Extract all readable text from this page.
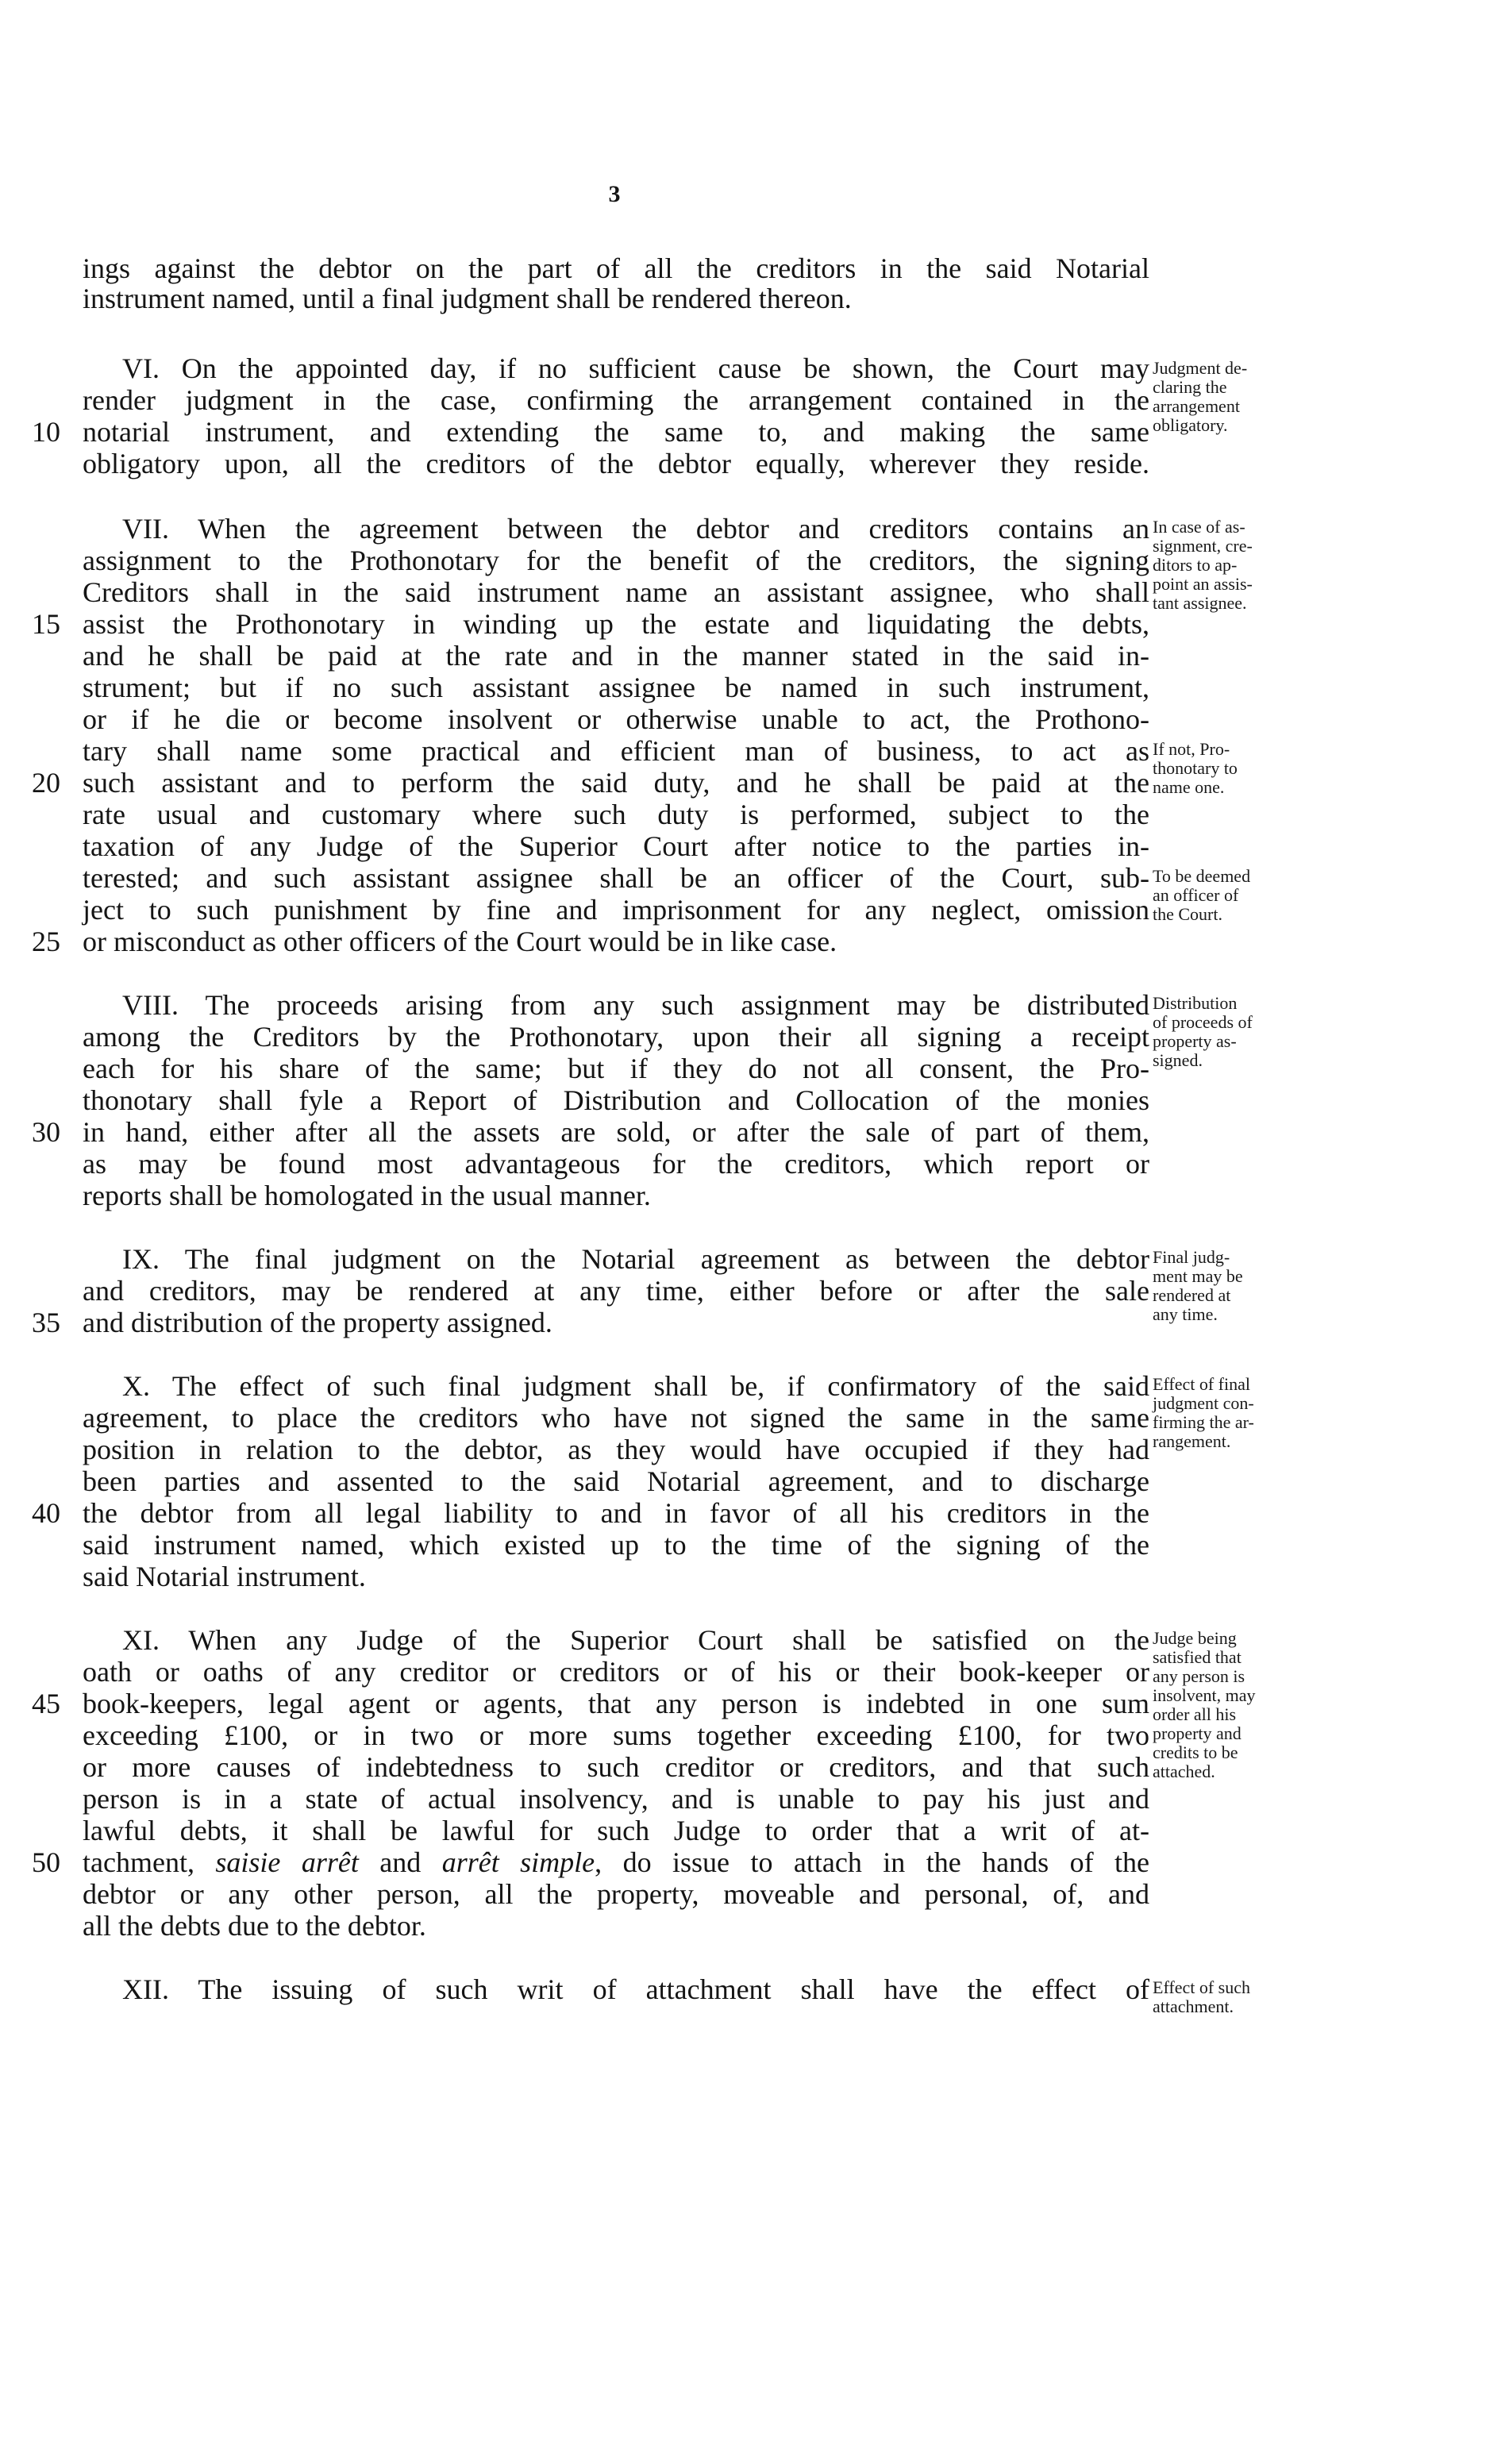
3
ings against the debtor on the part of all the creditors in the said Notarial
instrument named, until a final judgment shall be rendered thereon.
VI. On the appointed day, if no sufficient cause be shown, the Court may
render judgment in the case, confirming the arrangement contained in the
notarial instrument, and extending the same to, and making the same
obligatory upon, all the creditors of the debtor equally, wherever they reside.
VII. When the agreement between the debtor and creditors contains an
assignment to the Prothonotary for the benefit of the creditors, the signing
Creditors shall in the said instrument name an assistant assignee, who shall
assist the Prothonotary in winding up the estate and liquidating the debts,
and he shall be paid at the rate and in the manner stated in the said in-
strument; but if no such assistant assignee be named in such instrument,
or if he die or become insolvent or otherwise unable to act, the Prothono-
tary shall name some practical and efficient man of business, to act as
such assistant and to perform the said duty, and he shall be paid at the
rate usual and customary where such duty is performed, subject to the
taxation of any Judge of the Superior Court after notice to the parties in-
terested; and such assistant assignee shall be an officer of the Court, sub-
ject to such punishment by fine and imprisonment for any neglect, omission
or misconduct as other officers of the Court would be in like case.
VIII. The proceeds arising from any such assignment may be distributed
among the Creditors by the Prothonotary, upon their all signing a receipt
each for his share of the same; but if they do not all consent, the Pro-
thonotary shall fyle a Report of Distribution and Collocation of the monies
in hand, either after all the assets are sold, or after the sale of part of them,
as may be found most advantageous for the creditors, which report or
reports shall be homologated in the usual manner.
IX. The final judgment on the Notarial agreement as between the debtor
and creditors, may be rendered at any time, either before or after the sale
and distribution of the property assigned.
X. The effect of such final judgment shall be, if confirmatory of the said
agreement, to place the creditors who have not signed the same in the same
position in relation to the debtor, as they would have occupied if they had
been parties and assented to the said Notarial agreement, and to discharge
the debtor from all legal liability to and in favor of all his creditors in the
said instrument named, which existed up to the time of the signing of the
said Notarial instrument.
XI. When any Judge of the Superior Court shall be satisfied on the
oath or oaths of any creditor or creditors or of his or their book-keeper or
book-keepers, legal agent or agents, that any person is indebted in one sum
exceeding £100, or in two or more sums together exceeding £100, for two
or more causes of indebtedness to such creditor or creditors, and that such
person is in a state of actual insolvency, and is unable to pay his just and
lawful debts, it shall be lawful for such Judge to order that a writ of at-
tachment, saisie arrêt and arrêt simple, do issue to attach in the hands of the
debtor or any other person, all the property, moveable and personal, of, and
all the debts due to the debtor.
XII. The issuing of such writ of attachment shall have the effect of
10
15
20
25
30
35
40
45
50
Judgment de-
claring the
arrangement
obligatory.
In case of as-
signment, cre-
ditors to ap-
point an assis-
tant assignee.
If not, Pro-
thonotary to
name one.
To be deemed
an officer of
the Court.
Distribution
of proceeds of
property as-
signed.
Final judg-
ment may be
rendered at
any time.
Effect of final
judgment con-
firming the ar-
rangement.
Judge being
satisfied that
any person is
insolvent, may
order all his
property and
credits to be
attached.
Effect of such
attachment.
